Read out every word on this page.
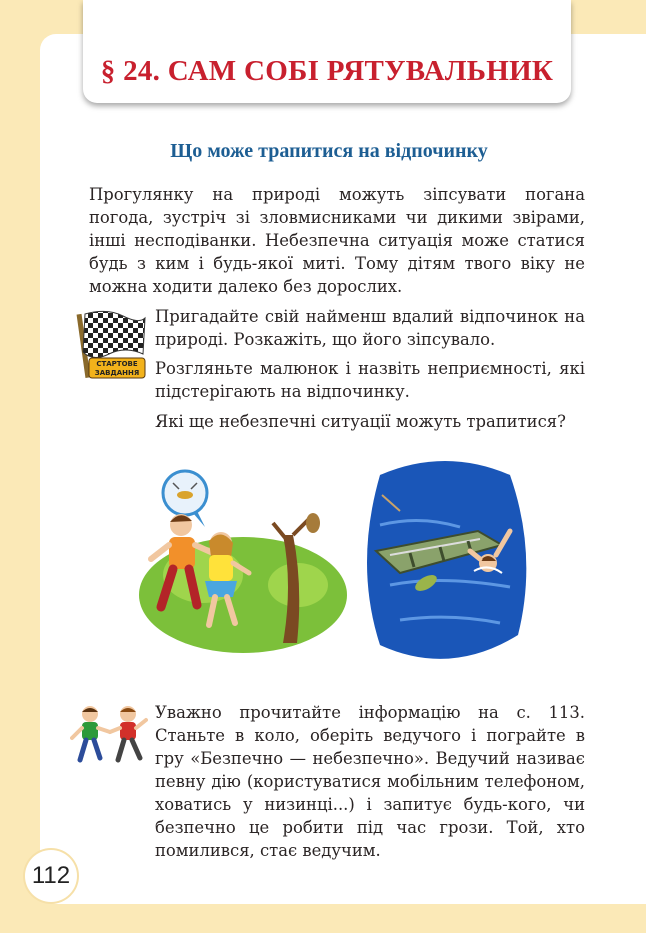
§ 24. САМ СОБІ РЯТУВАЛЬНИК
Що може трапитися на відпочинку

Прогулянку на природі можуть зіпсувати погана погода, зустріч зі зловмисниками чи дикими звірами, інші несподіванки. Небезпечна ситуація може статися будь з ким і будь-якої миті. Тому дітям твого віку не можна ходити далеко без дорослих.

СТАРТОВЕ
ЗАВДАННЯ

Пригадайте свій найменш вдалий відпочинок на природі. Розкажіть, що його зіпсувало.

Розгляньте малюнок і назвіть неприємності, які підстерігають на відпочинку.

Які ще небезпечні ситуації можуть трапитися?

Уважно прочитайте інформацію на с. 113. Станьте в коло, оберіть ведучого і пограйте в гру «Безпечно — небезпечно». Ведучий називає певну дію (користуватися мобільним телефоном, ховатись у низинці...) і запитує будь-кого, чи безпечно це робити під час грози. Той, хто помилився, стає ведучим.

112
